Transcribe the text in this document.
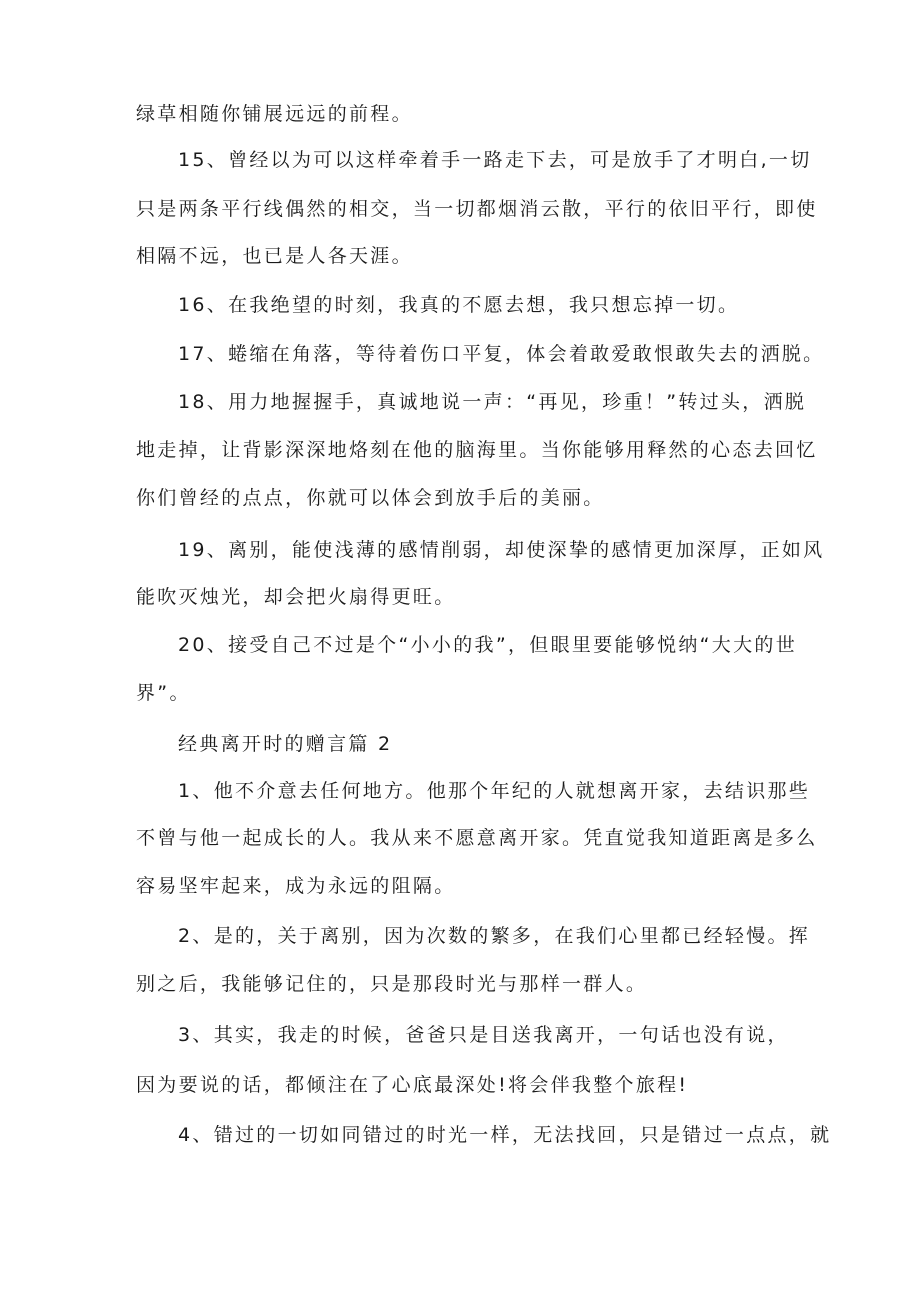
绿草相随你铺展远远的前程。

15、曾经以为可以这样牵着手一路走下去，可是放手了才明白,一切

只是两条平行线偶然的相交，当一切都烟消云散，平行的依旧平行，即使

相隔不远，也已是人各天涯。

16、在我绝望的时刻，我真的不愿去想，我只想忘掉一切。

17、蜷缩在角落，等待着伤口平复，体会着敢爱敢恨敢失去的洒脱。

18、用力地握握手，真诚地说一声：“再见，珍重！”转过头，洒脱

地走掉，让背影深深地烙刻在他的脑海里。当你能够用释然的心态去回忆

你们曾经的点点，你就可以体会到放手后的美丽。

19、离别，能使浅薄的感情削弱，却使深挚的感情更加深厚，正如风

能吹灭烛光，却会把火扇得更旺。

20、接受自己不过是个“小小的我”，但眼里要能够悦纳“大大的世

界”。

经典离开时的赠言篇 2

1、他不介意去任何地方。他那个年纪的人就想离开家，去结识那些

不曾与他一起成长的人。我从来不愿意离开家。凭直觉我知道距离是多么

容易坚牢起来，成为永远的阻隔。

2、是的，关于离别，因为次数的繁多，在我们心里都已经轻慢。挥

别之后，我能够记住的，只是那段时光与那样一群人。

3、其实，我走的时候，爸爸只是目送我离开，一句话也没有说，

因为要说的话，都倾注在了心底最深处!将会伴我整个旅程!

4、错过的一切如同错过的时光一样，无法找回，只是错过一点点，就
